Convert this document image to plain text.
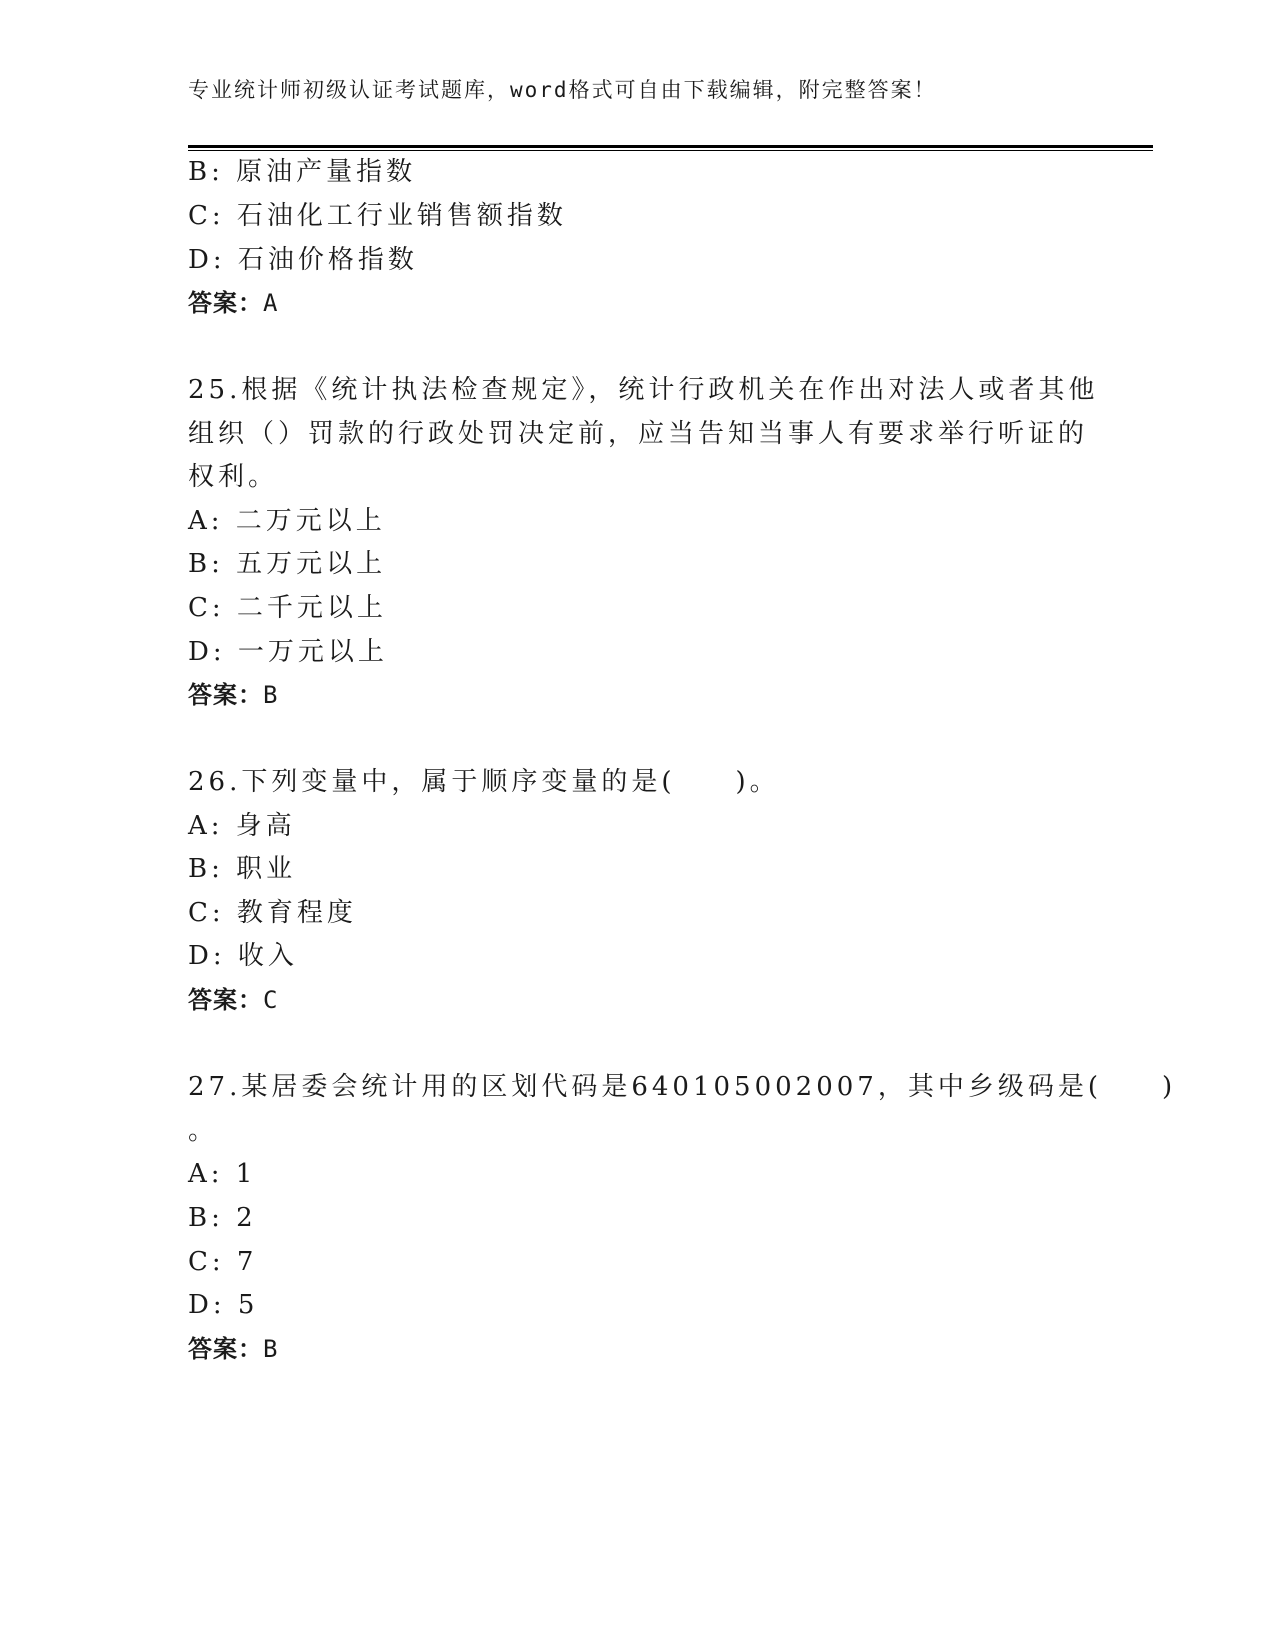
专业统计师初级认证考试题库，word格式可自由下载编辑，附完整答案！
B: 原油产量指数
C: 石油化工行业销售额指数
D: 石油价格指数
答案：A
25.根据《统计执法检查规定》，统计行政机关在作出对法人或者其他
组织（）罚款的行政处罚决定前，应当告知当事人有要求举行听证的
权利。
A: 二万元以上
B: 五万元以上
C: 二千元以上
D: 一万元以上
答案：B
26.下列变量中，属于顺序变量的是(　　)。
A: 身高
B: 职业
C: 教育程度
D: 收入
答案：C
27.某居委会统计用的区划代码是640105002007，其中乡级码是(　　)
。
A: 1
B: 2
C: 7
D: 5
答案：B
